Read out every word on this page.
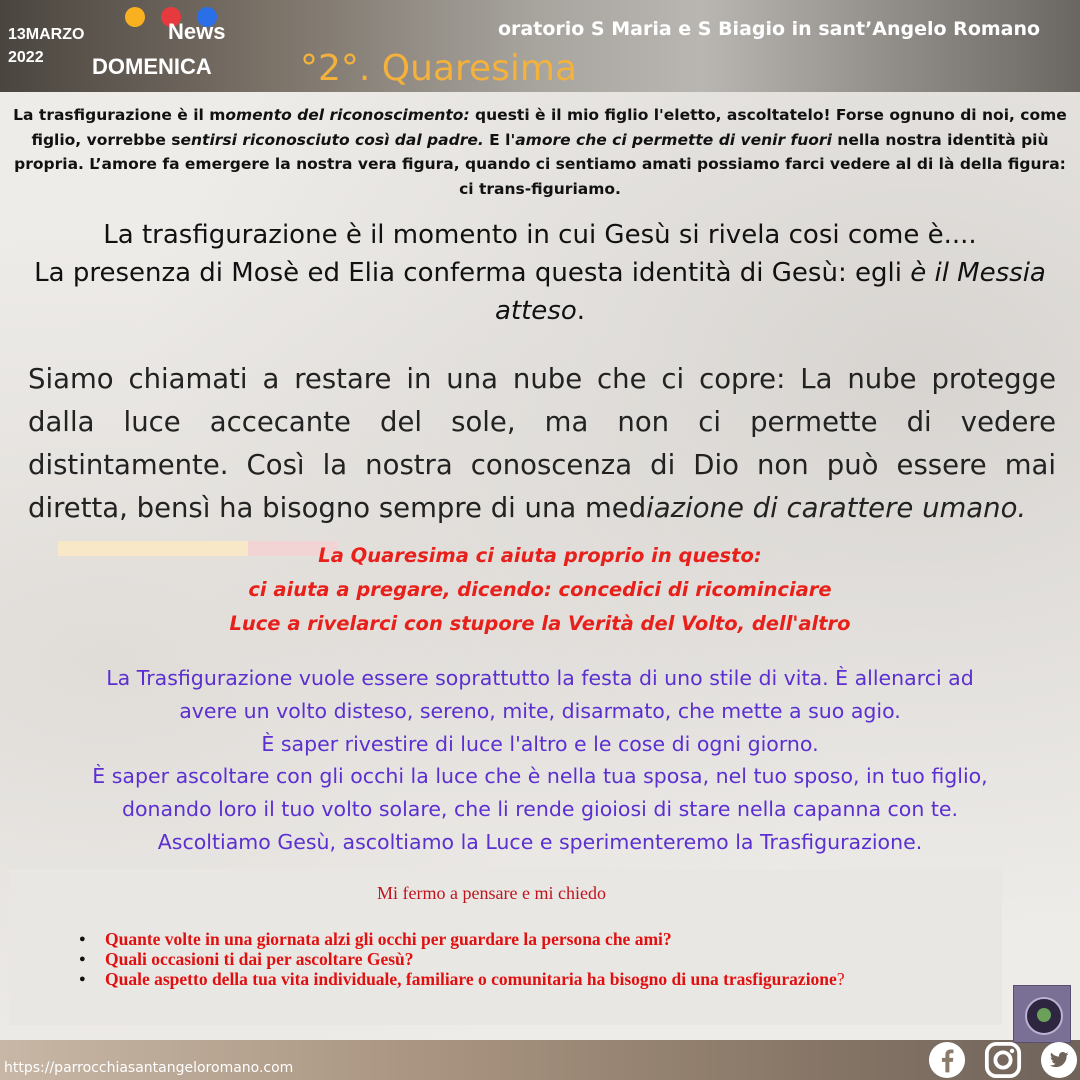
13MARZO
2022
News
DOMENICA °2°. Quaresima
oratorio S Maria e S Biagio in sant’Angelo Romano
La trasfigurazione è il momento del riconoscimento: questi è il mio figlio l'eletto, ascoltatelo! Forse ognuno di noi, come figlio, vorrebbe sentirsi riconosciuto così dal padre. E l'amore che ci permette di venir fuori nella nostra identità più propria. L’amore fa emergere la nostra vera figura, quando ci sentiamo amati possiamo farci vedere al di là della figura: ci trans-figuriamo.
La trasfigurazione è il momento in cui Gesù si rivela cosi come è....
La presenza di Mosè ed Elia conferma questa identità di Gesù: egli è il Messia atteso.
Siamo chiamati a restare in una nube che ci copre: La nube protegge dalla luce accecante del sole, ma non ci permette di vedere distintamente. Così la nostra conoscenza di Dio non può essere mai diretta, bensì ha bisogno sempre di una mediazione di carattere umano.
La Quaresima ci aiuta proprio in questo:
ci aiuta a pregare, dicendo: concedici di ricominciare
Luce a rivelarci con stupore la Verità del Volto, dell'altro
La Trasfigurazione vuole essere soprattutto la festa di uno stile di vita. È allenarci ad
avere un volto disteso, sereno, mite, disarmato, che mette a suo agio.
È saper rivestire di luce l'altro e le cose di ogni giorno.
È saper ascoltare con gli occhi la luce che è nella tua sposa, nel tuo sposo, in tuo figlio,
donando loro il tuo volto solare, che li rende gioiosi di stare nella capanna con te.
Ascoltiamo Gesù, ascoltiamo la Luce e sperimenteremo la Trasfigurazione.
Mi fermo a pensare e mi chiedo
● Quante volte in una giornata alzi gli occhi per guardare la persona che ami?
● Quali occasioni ti dai per ascoltare Gesù?
● Quale aspetto della tua vita individuale, familiare o comunitaria ha bisogno di una trasfigurazione?
https://parrocchiasantangeloromano.com
